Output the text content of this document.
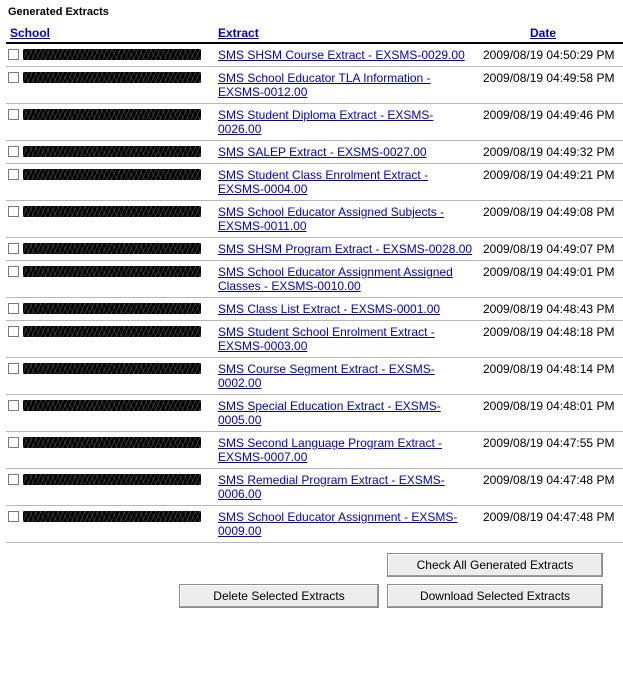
Generated Extracts
School	Extract	Date

	SMS SHSM Course Extract - EXSMS-0029.00	2009/08/19 04:50:29 PM
	SMS School Educator TLA Information - EXSMS-0012.00	2009/08/19 04:49:58 PM
	SMS Student Diploma Extract - EXSMS-0026.00	2009/08/19 04:49:46 PM
	SMS SALEP Extract - EXSMS-0027.00	2009/08/19 04:49:32 PM
	SMS Student Class Enrolment Extract - EXSMS-0004.00	2009/08/19 04:49:21 PM
	SMS School Educator Assigned Subjects - EXSMS-0011.00	2009/08/19 04:49:08 PM
	SMS SHSM Program Extract - EXSMS-0028.00	2009/08/19 04:49:07 PM
	SMS School Educator Assignment Assigned Classes - EXSMS-0010.00	2009/08/19 04:49:01 PM
	SMS Class List Extract - EXSMS-0001.00	2009/08/19 04:48:43 PM
	SMS Student School Enrolment Extract - EXSMS-0003.00	2009/08/19 04:48:18 PM
	SMS Course Segment Extract - EXSMS-0002.00	2009/08/19 04:48:14 PM
	SMS Special Education Extract - EXSMS-0005.00	2009/08/19 04:48:01 PM
	SMS Second Language Program Extract - EXSMS-0007.00	2009/08/19 04:47:55 PM
	SMS Remedial Program Extract - EXSMS-0006.00	2009/08/19 04:47:48 PM
	SMS School Educator Assignment - EXSMS-0009.00	2009/08/19 04:47:48 PM
Check All Generated Extracts
Delete Selected Extracts	Download Selected Extracts
